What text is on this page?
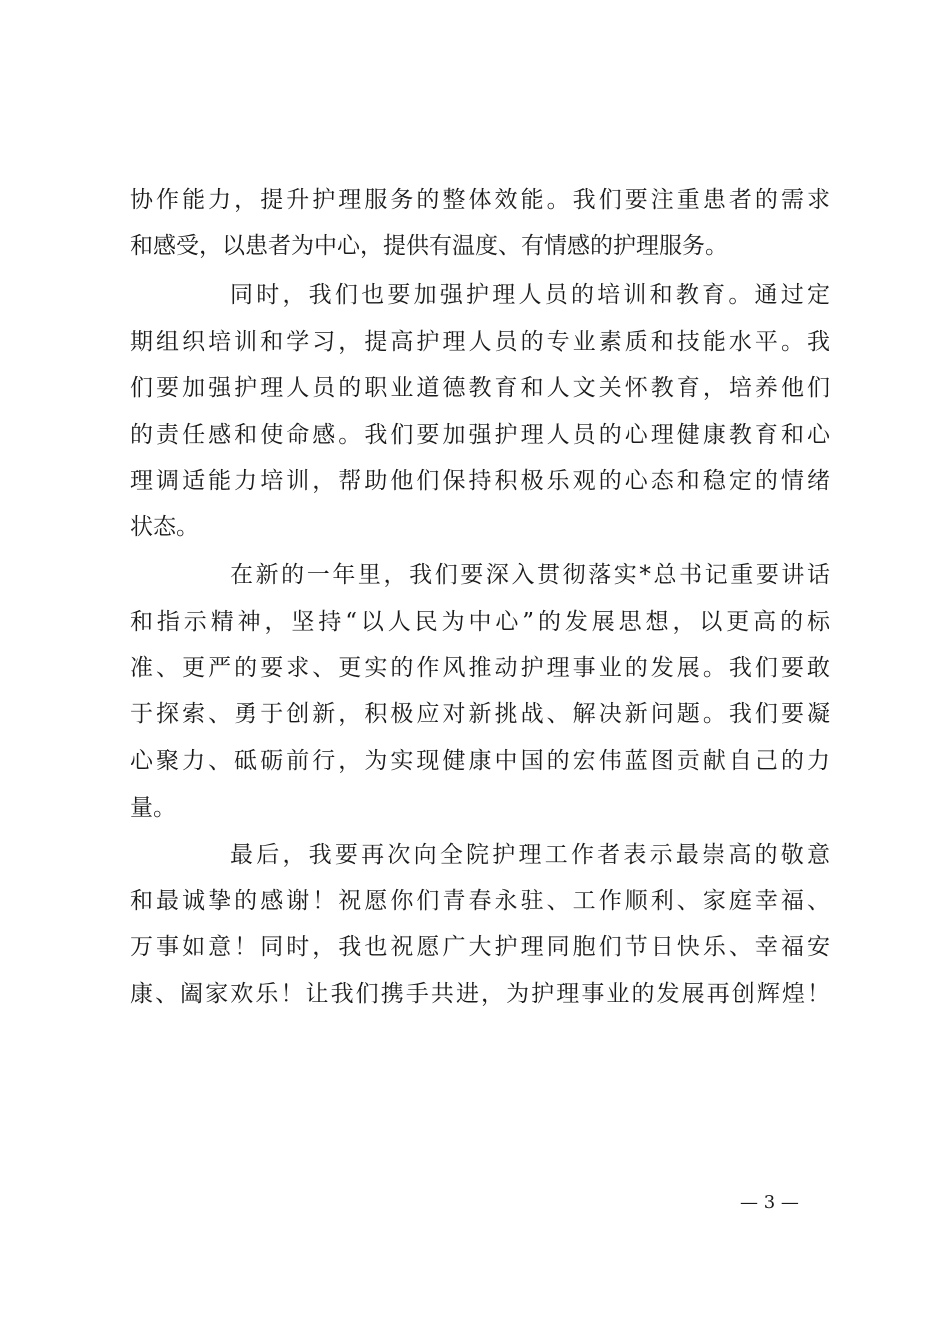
协作能力，提升护理服务的整体效能。我们要注重患者的需求
和感受，以患者为中心，提供有温度、有情感的护理服务。
同时，我们也要加强护理人员的培训和教育。通过定
期组织培训和学习，提高护理人员的专业素质和技能水平。我
们要加强护理人员的职业道德教育和人文关怀教育，培养他们
的责任感和使命感。我们要加强护理人员的心理健康教育和心
理调适能力培训，帮助他们保持积极乐观的心态和稳定的情绪
状态。
在新的一年里，我们要深入贯彻落实*总书记重要讲话
和指示精神，坚持“以人民为中心”的发展思想，以更高的标
准、更严的要求、更实的作风推动护理事业的发展。我们要敢
于探索、勇于创新，积极应对新挑战、解决新问题。我们要凝
心聚力、砥砺前行，为实现健康中国的宏伟蓝图贡献自己的力
量。
最后，我要再次向全院护理工作者表示最崇高的敬意
和最诚挚的感谢！祝愿你们青春永驻、工作顺利、家庭幸福、
万事如意！同时，我也祝愿广大护理同胞们节日快乐、幸福安
康、阖家欢乐！让我们携手共进，为护理事业的发展再创辉煌！
— 3 —
